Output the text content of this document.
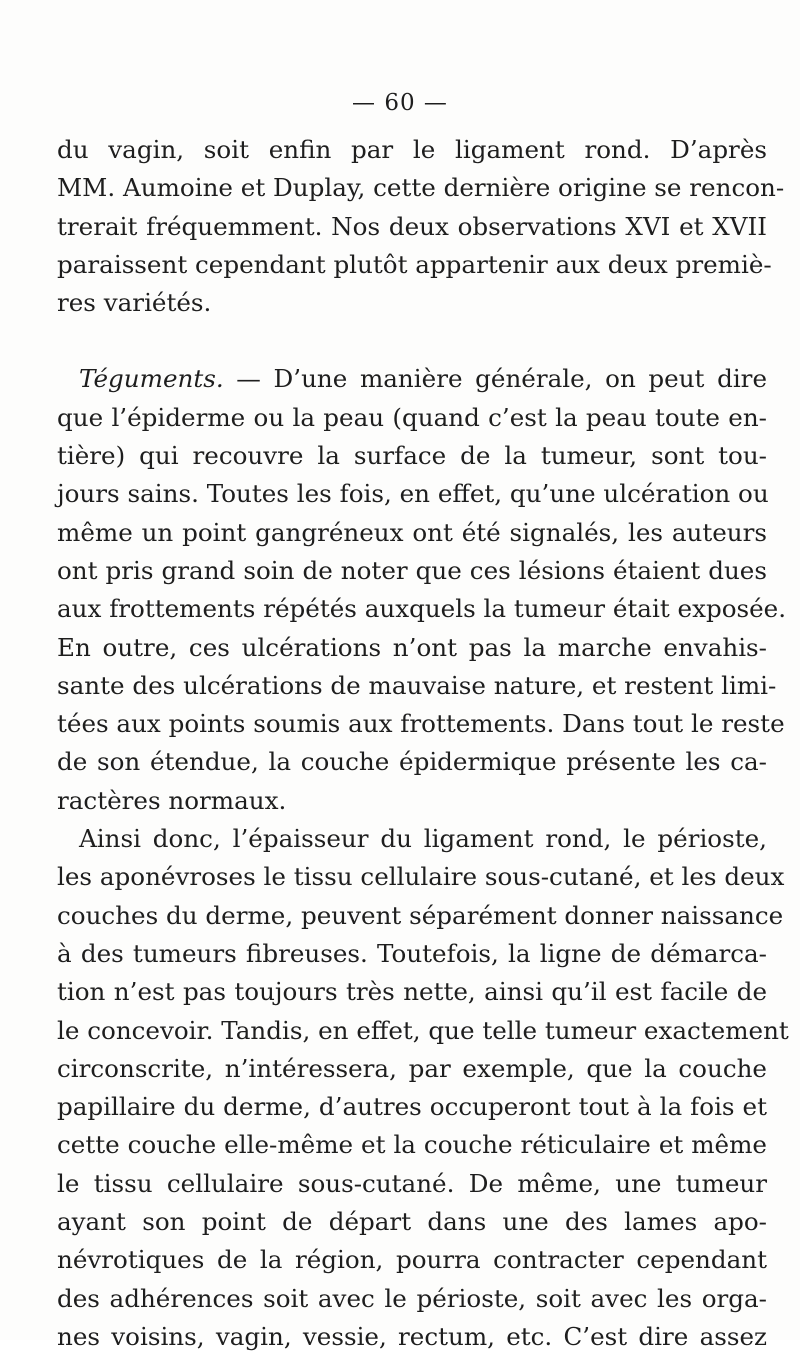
— 60 —

du vagin, soit enfin par le ligament rond. D’après
MM. Aumoine et Duplay, cette dernière origine se rencon-
trerait fréquemment. Nos deux observations XVI et XVII
paraissent cependant plutôt appartenir aux deux premiè-
res variétés.

Téguments. — D’une manière générale, on peut dire
que l’épiderme ou la peau (quand c’est la peau toute en-
tière) qui recouvre la surface de la tumeur, sont tou-
jours sains. Toutes les fois, en effet, qu’une ulcération ou
même un point gangréneux ont été signalés, les auteurs
ont pris grand soin de noter que ces lésions étaient dues
aux frottements répétés auxquels la tumeur était exposée.
En outre, ces ulcérations n’ont pas la marche envahis-
sante des ulcérations de mauvaise nature, et restent limi-
tées aux points soumis aux frottements. Dans tout le reste
de son étendue, la couche épidermique présente les ca-
ractères normaux.

Ainsi donc, l’épaisseur du ligament rond, le périoste,
les aponévroses le tissu cellulaire sous-cutané, et les deux
couches du derme, peuvent séparément donner naissance
à des tumeurs fibreuses. Toutefois, la ligne de démarca-
tion n’est pas toujours très nette, ainsi qu’il est facile de
le concevoir. Tandis, en effet, que telle tumeur exactement
circonscrite, n’intéressera, par exemple, que la couche
papillaire du derme, d’autres occuperont tout à la fois et
cette couche elle-même et la couche réticulaire et même
le tissu cellulaire sous-cutané. De même, une tumeur
ayant son point de départ dans une des lames apo-
névrotiques de la région, pourra contracter cependant
des adhérences soit avec le périoste, soit avec les orga-
nes voisins, vagin, vessie, rectum, etc. C’est dire assez
